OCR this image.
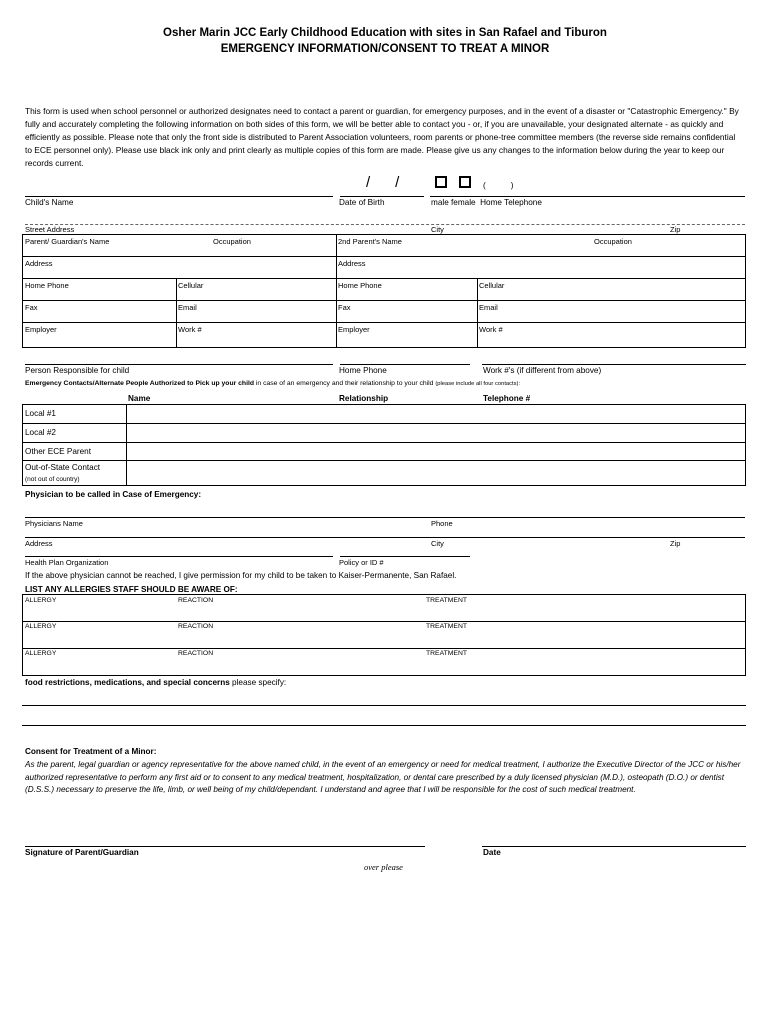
Osher Marin JCC Early Childhood Education with sites in San Rafael and Tiburon
EMERGENCY INFORMATION/CONSENT TO TREAT A MINOR
This form is used when school personnel or authorized designates need to contact a parent or guardian, for emergency purposes, and in the event of a disaster or "Catastrophic Emergency." By fully and accurately completing the following information on both sides of this form, we will be better able to contact you - or, if you are unavailable, your designated alternate - as quickly and efficiently as possible. Please note that only the front side is distributed to Parent Association volunteers, room parents or phone-tree committee members (the reverse side remains confidential to ECE personnel only). Please use black ink only and print clearly as multiple copies of this form are made. Please give us any changes to the information below during the year to keep our records current.
/      /	(           )
Child's Name	Date of Birth	male female  Home Telephone
Street Address	City	Zip
Parent/ Guardian's Name	Occupation	2nd Parent's Name	Occupation
Address	Address
Home Phone	Cellular	Home Phone	Cellular
Fax	Email	Fax	Email
Employer	Work #	Employer	Work #
Person Responsible for child	Home Phone	Work #'s (if different from above)
Emergency Contacts/Alternate People Authorized to Pick up your child in case of an emergency and their relationship to your child (please include all four contacts):
Name	Relationship	Telephone #
Local #1
Local #2
Other ECE Parent
Out-of-State Contact
(not out of country)
Physician to be called in Case of Emergency:
Physicians Name	Phone
Address	City	Zip
Health Plan Organization	Policy or ID #
If the above physician cannot be reached, I give permission for my child to be taken to Kaiser-Permanente, San Rafael.
LIST ANY ALLERGIES STAFF SHOULD BE AWARE OF:
ALLERGY	REACTION	TREATMENT
ALLERGY	REACTION	TREATMENT
ALLERGY	REACTION	TREATMENT
food restrictions, medications, and special concerns please specify:
Consent for Treatment of a Minor:
As the parent, legal guardian or agency representative for the above named child, in the event of an emergency or need for medical treatment, I authorize the Executive Director of the JCC or his/her authorized representative to perform any first aid or to consent to any medical treatment, hospitalization, or dental care prescribed by a duly licensed physician (M.D.), osteopath (D.O.) or dentist (D.S.S.) necessary to preserve the life, limb, or well being of my child/dependant. I understand and agree that I will be responsible for the cost of such medical treatment.
Signature of Parent/Guardian	Date
over please
